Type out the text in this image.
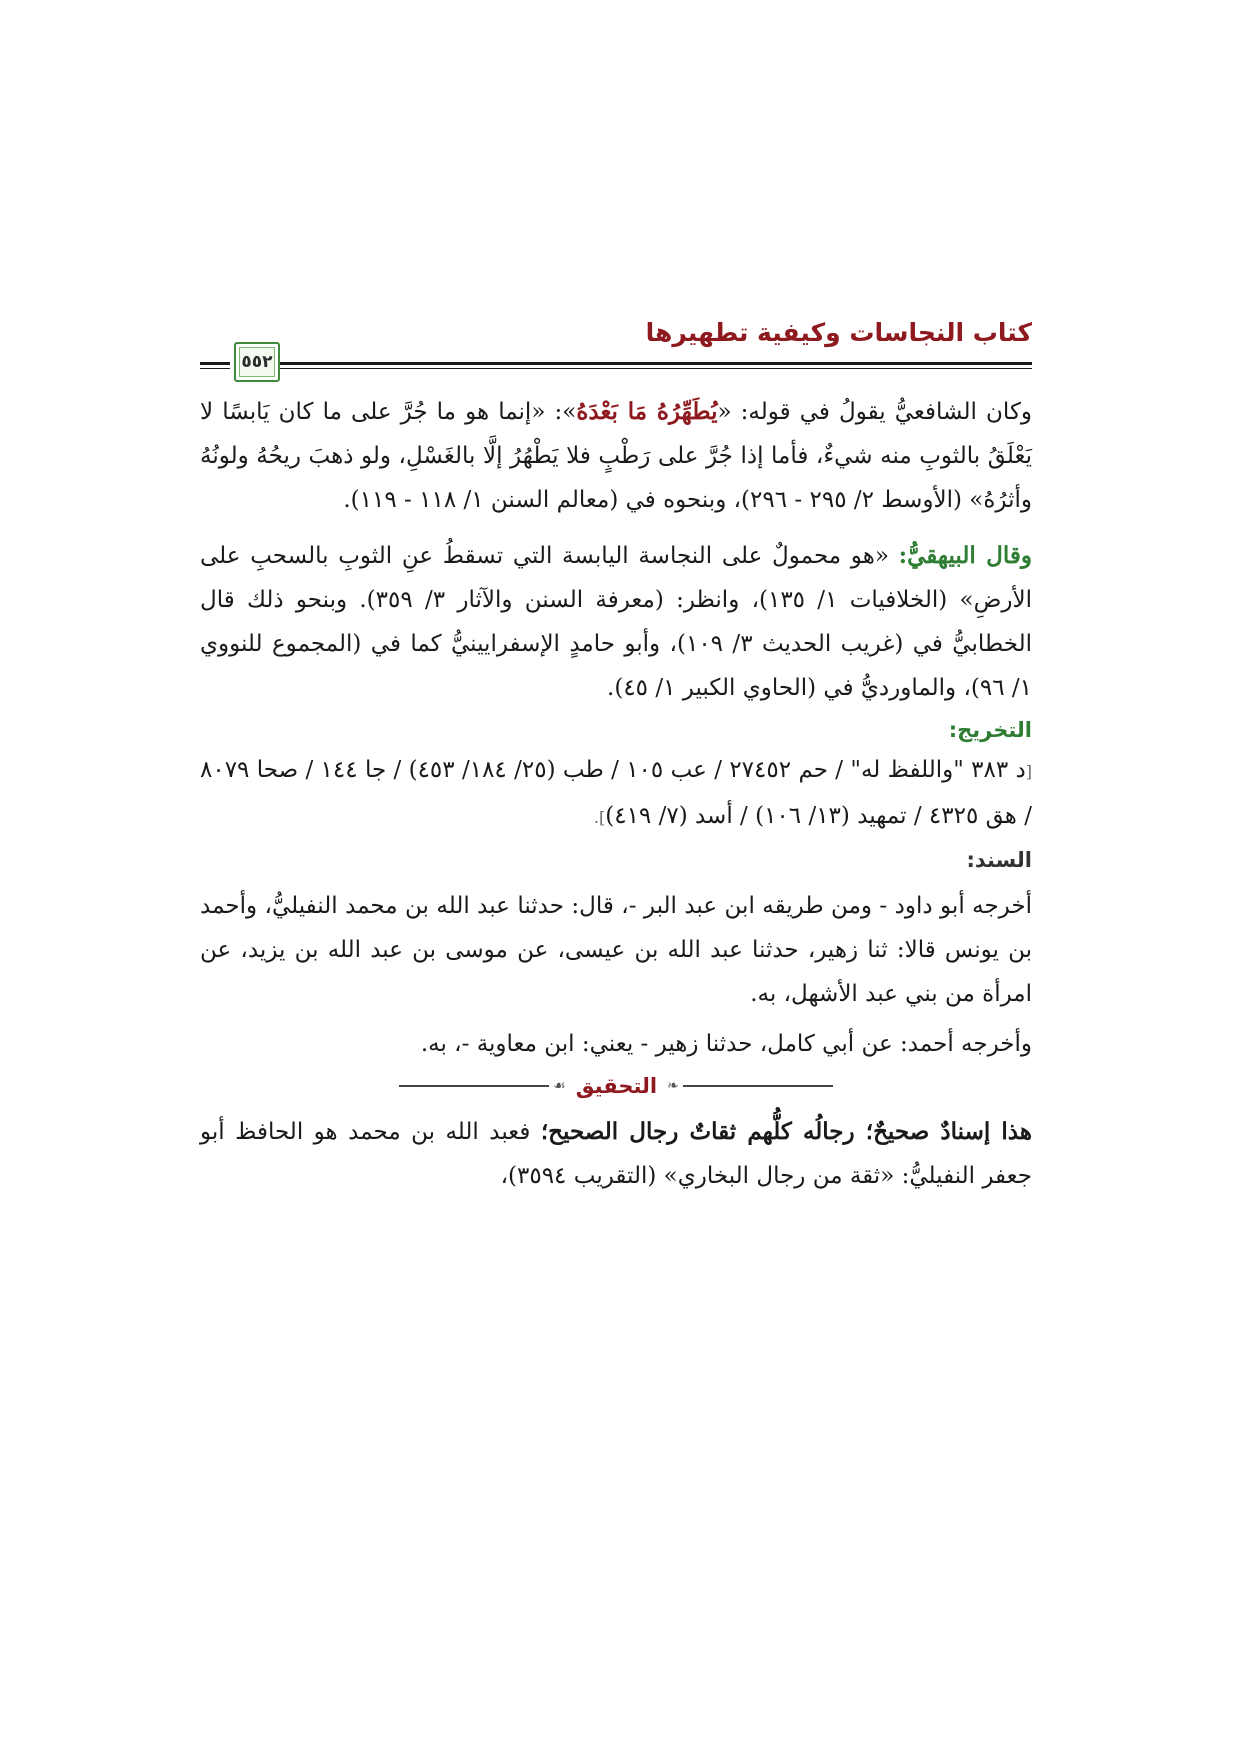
كتاب النجاسات وكيفية تطهيرها
٥٥٢

وكان الشافعيُّ يقولُ في قوله: «يُطَهِّرُهُ مَا بَعْدَهُ»: «إنما هو ما جُرَّ على ما كان يَابسًا لا يَعْلَقُ بالثوبِ منه شيءٌ، فأما إذا جُرَّ على رَطْبٍ فلا يَطْهُرُ إلَّا بالغَسْلِ، ولو ذهبَ ريحُهُ ولونُهُ وأثرُهُ» (الأوسط ٢/ ٢٩٥ - ٢٩٦)، وبنحوه في (معالم السنن ١/ ١١٨ - ١١٩).

وقال البيهقيُّ: «هو محمولٌ على النجاسة اليابسة التي تسقطُ عنِ الثوبِ بالسحبِ على الأرضِ» (الخلافيات ١/ ١٣٥)، وانظر: (معرفة السنن والآثار ٣/ ٣٥٩). وبنحو ذلك قال الخطابيُّ في (غريب الحديث ٣/ ١٠٩)، وأبو حامدٍ الإسفرايينيُّ كما في (المجموع للنووي ١/ ٩٦)، والماورديُّ في (الحاوي الكبير ١/ ٤٥).

التخريج:

[د ٣٨٣ "واللفظ له" / حم ٢٧٤٥٢ / عب ١٠٥ / طب (٢٥/ ١٨٤/ ٤٥٣) / جا ١٤٤ / صحا ٨٠٧٩ / هق ٤٣٢٥ / تمهيد (١٣/ ١٠٦) / أسد (٧/ ٤١٩)].

السند:

أخرجه أبو داود - ومن طريقه ابن عبد البر -، قال: حدثنا عبد الله بن محمد النفيليُّ، وأحمد بن يونس قالا: ثنا زهير، حدثنا عبد الله بن عيسى، عن موسى بن عبد الله بن يزيد، عن امرأة من بني عبد الأشهل، به.

وأخرجه أحمد: عن أبي كامل، حدثنا زهير - يعني: ابن معاوية -، به.

❧
التحقيق
☙

هذا إسنادٌ صحيحٌ؛ رجالُه كلُّهم ثقاتٌ رجال الصحيح؛ فعبد الله بن محمد هو الحافظ أبو جعفر النفيليُّ: «ثقة من رجال البخاري» (التقريب ٣٥٩٤)،
